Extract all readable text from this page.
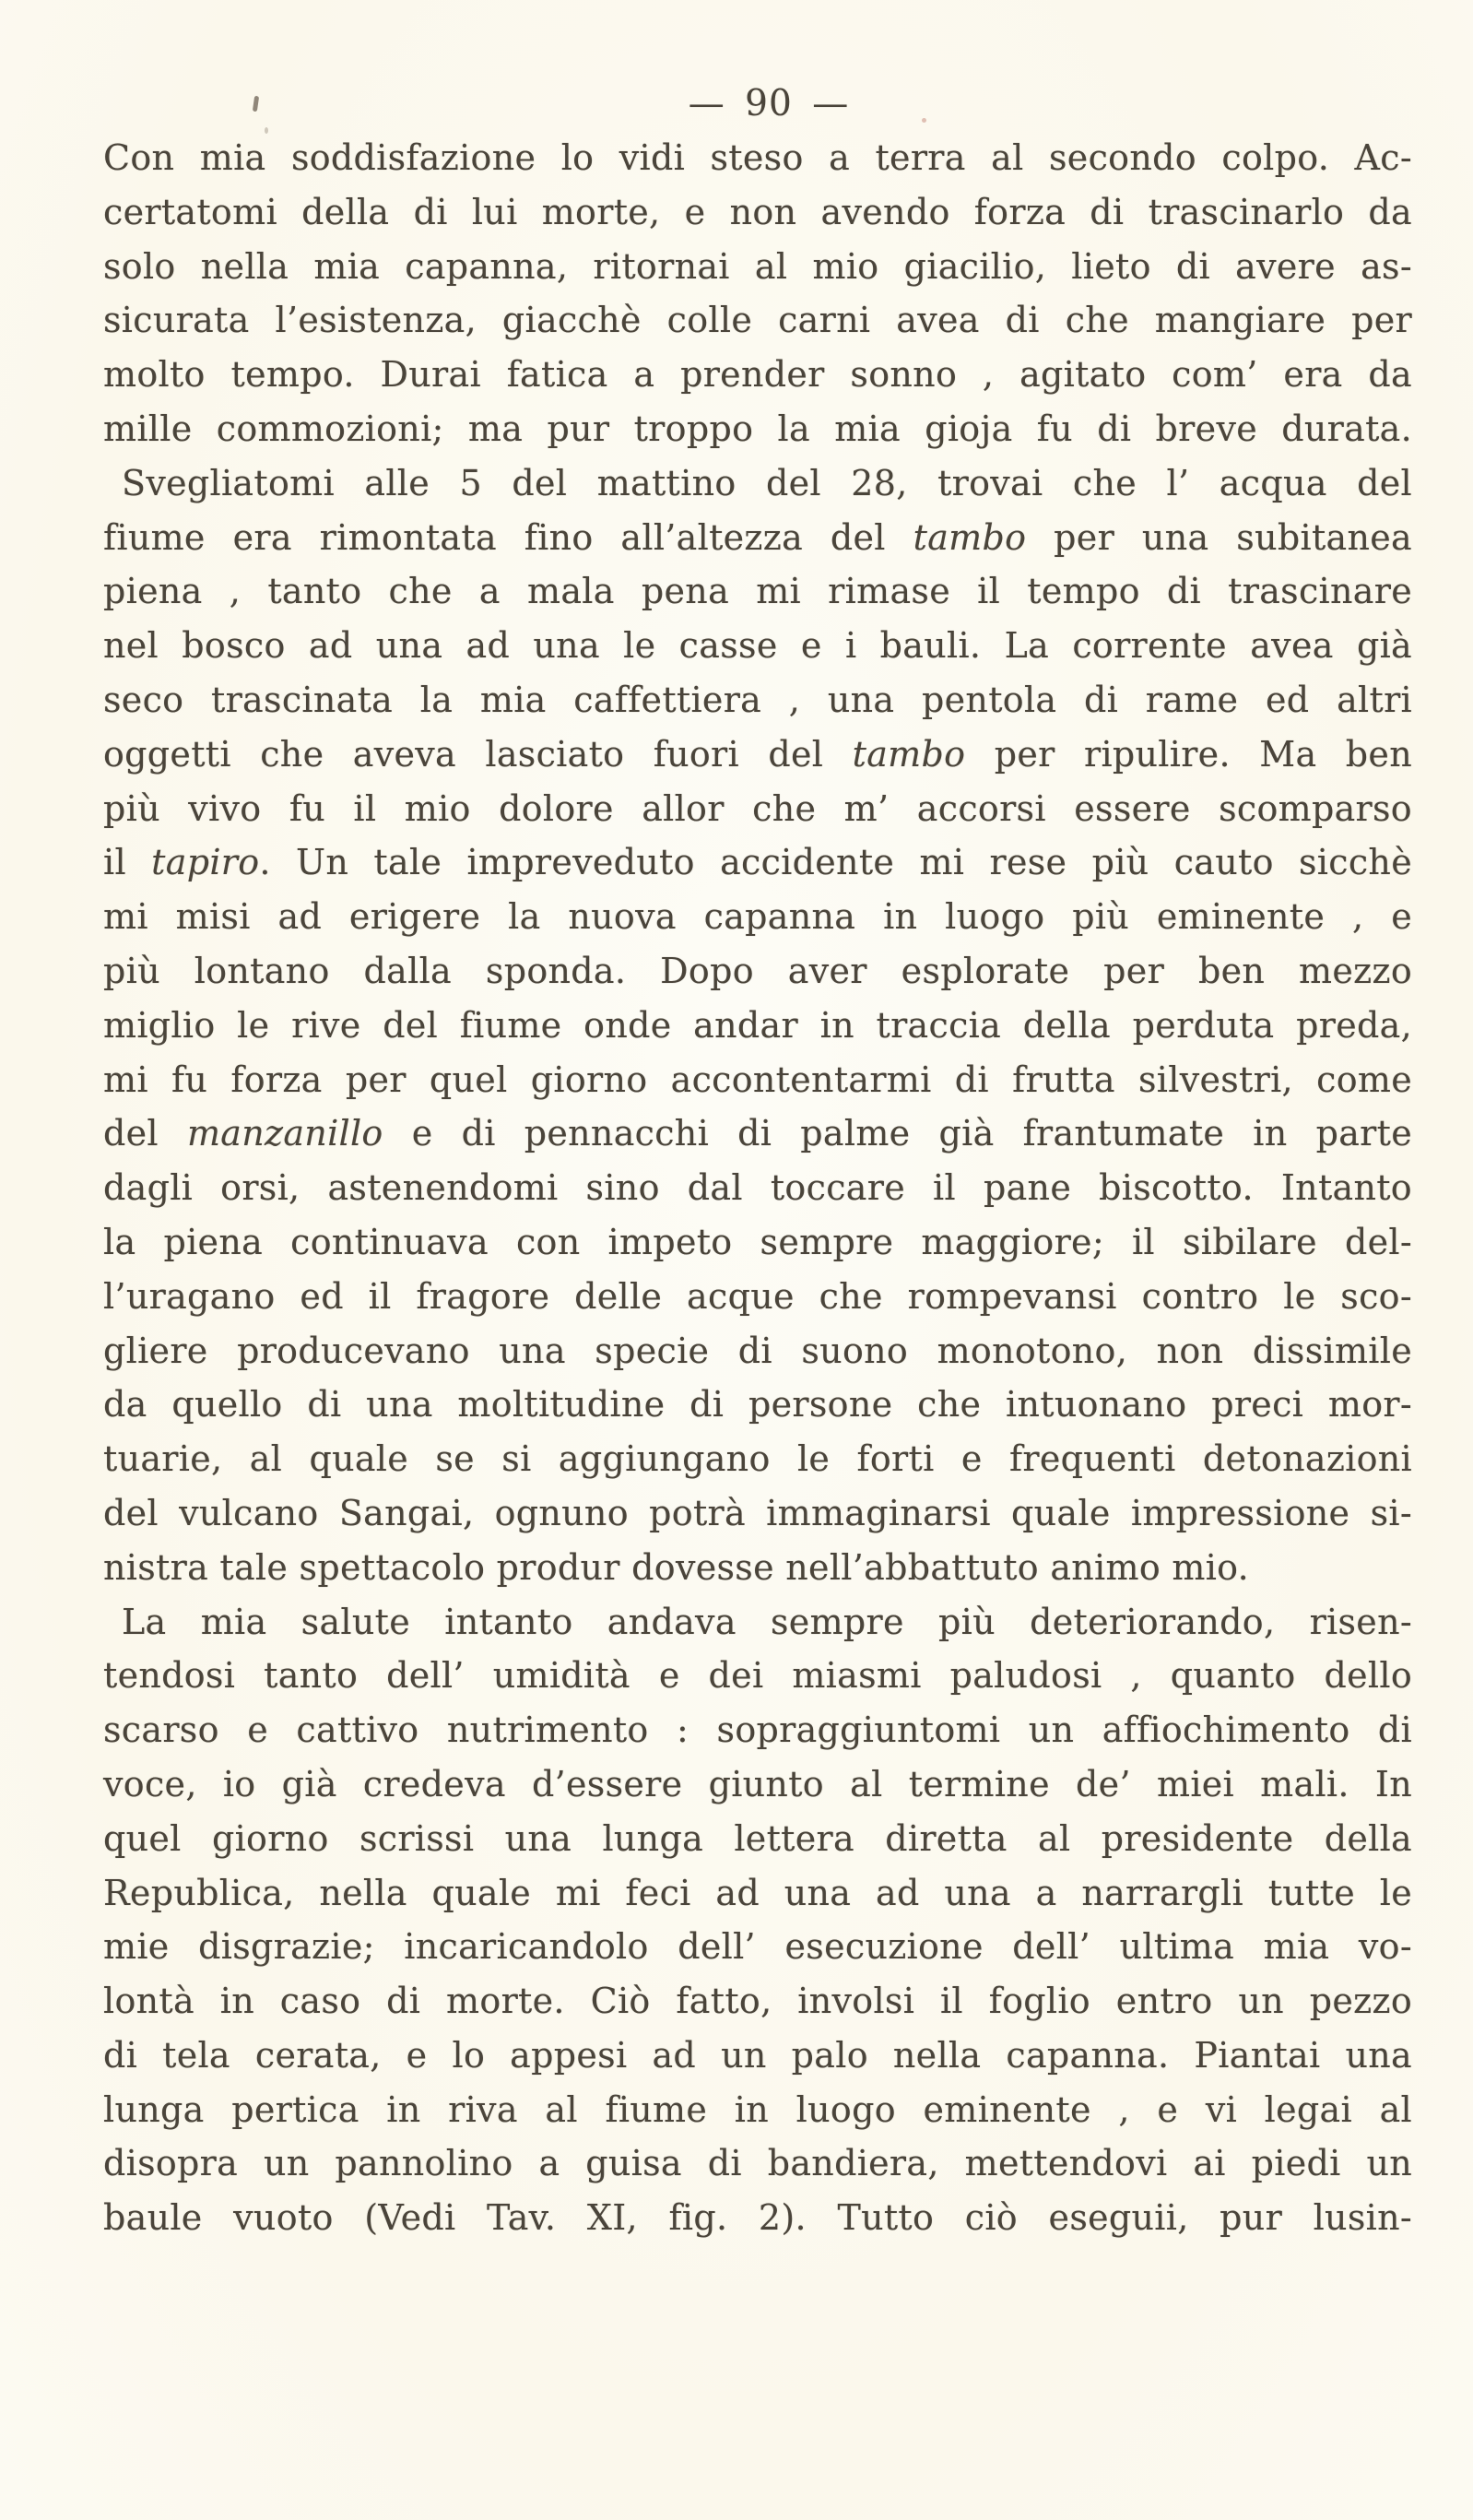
— 90 —
Con mia soddisfazione lo vidi steso a terra al secondo colpo. Ac-
certatomi della di lui morte, e non avendo forza di trascinarlo da
solo nella mia capanna, ritornai al mio giacilio, lieto di avere as-
sicurata l’esistenza, giacchè colle carni avea di che mangiare per
molto tempo. Durai fatica a prender sonno , agitato com’ era da
mille commozioni; ma pur troppo la mia gioja fu di breve durata.
Svegliatomi alle 5 del mattino del 28, trovai che l’ acqua del
fiume era rimontata fino all’altezza del tambo per una subitanea
piena , tanto che a mala pena mi rimase il tempo di trascinare
nel bosco ad una ad una le casse e i bauli. La corrente avea già
seco trascinata la mia caffettiera , una pentola di rame ed altri
oggetti che aveva lasciato fuori del tambo per ripulire. Ma ben
più vivo fu il mio dolore allor che m’ accorsi essere scomparso
il tapiro. Un tale impreveduto accidente mi rese più cauto sicchè
mi misi ad erigere la nuova capanna in luogo più eminente , e
più lontano dalla sponda. Dopo aver esplorate per ben mezzo
miglio le rive del fiume onde andar in traccia della perduta preda,
mi fu forza per quel giorno accontentarmi di frutta silvestri, come
del manzanillo e di pennacchi di palme già frantumate in parte
dagli orsi, astenendomi sino dal toccare il pane biscotto. Intanto
la piena continuava con impeto sempre maggiore; il sibilare del-
l’uragano ed il fragore delle acque che rompevansi contro le sco-
gliere producevano una specie di suono monotono, non dissimile
da quello di una moltitudine di persone che intuonano preci mor-
tuarie, al quale se si aggiungano le forti e frequenti detonazioni
del vulcano Sangai, ognuno potrà immaginarsi quale impressione si-
nistra tale spettacolo produr dovesse nell’abbattuto animo mio.
La mia salute intanto andava sempre più deteriorando, risen-
tendosi tanto dell’ umidità e dei miasmi paludosi , quanto dello
scarso e cattivo nutrimento : sopraggiuntomi un affiochimento di
voce, io già credeva d’essere giunto al termine de’ miei mali. In
quel giorno scrissi una lunga lettera diretta al presidente della
Republica, nella quale mi feci ad una ad una a narrargli tutte le
mie disgrazie; incaricandolo dell’ esecuzione dell’ ultima mia vo-
lontà in caso di morte. Ciò fatto, involsi il foglio entro un pezzo
di tela cerata, e lo appesi ad un palo nella capanna. Piantai una
lunga pertica in riva al fiume in luogo eminente , e vi legai al
disopra un pannolino a guisa di bandiera, mettendovi ai piedi un
baule vuoto (Vedi Tav. XI, fig. 2). Tutto ciò eseguii, pur lusin-
